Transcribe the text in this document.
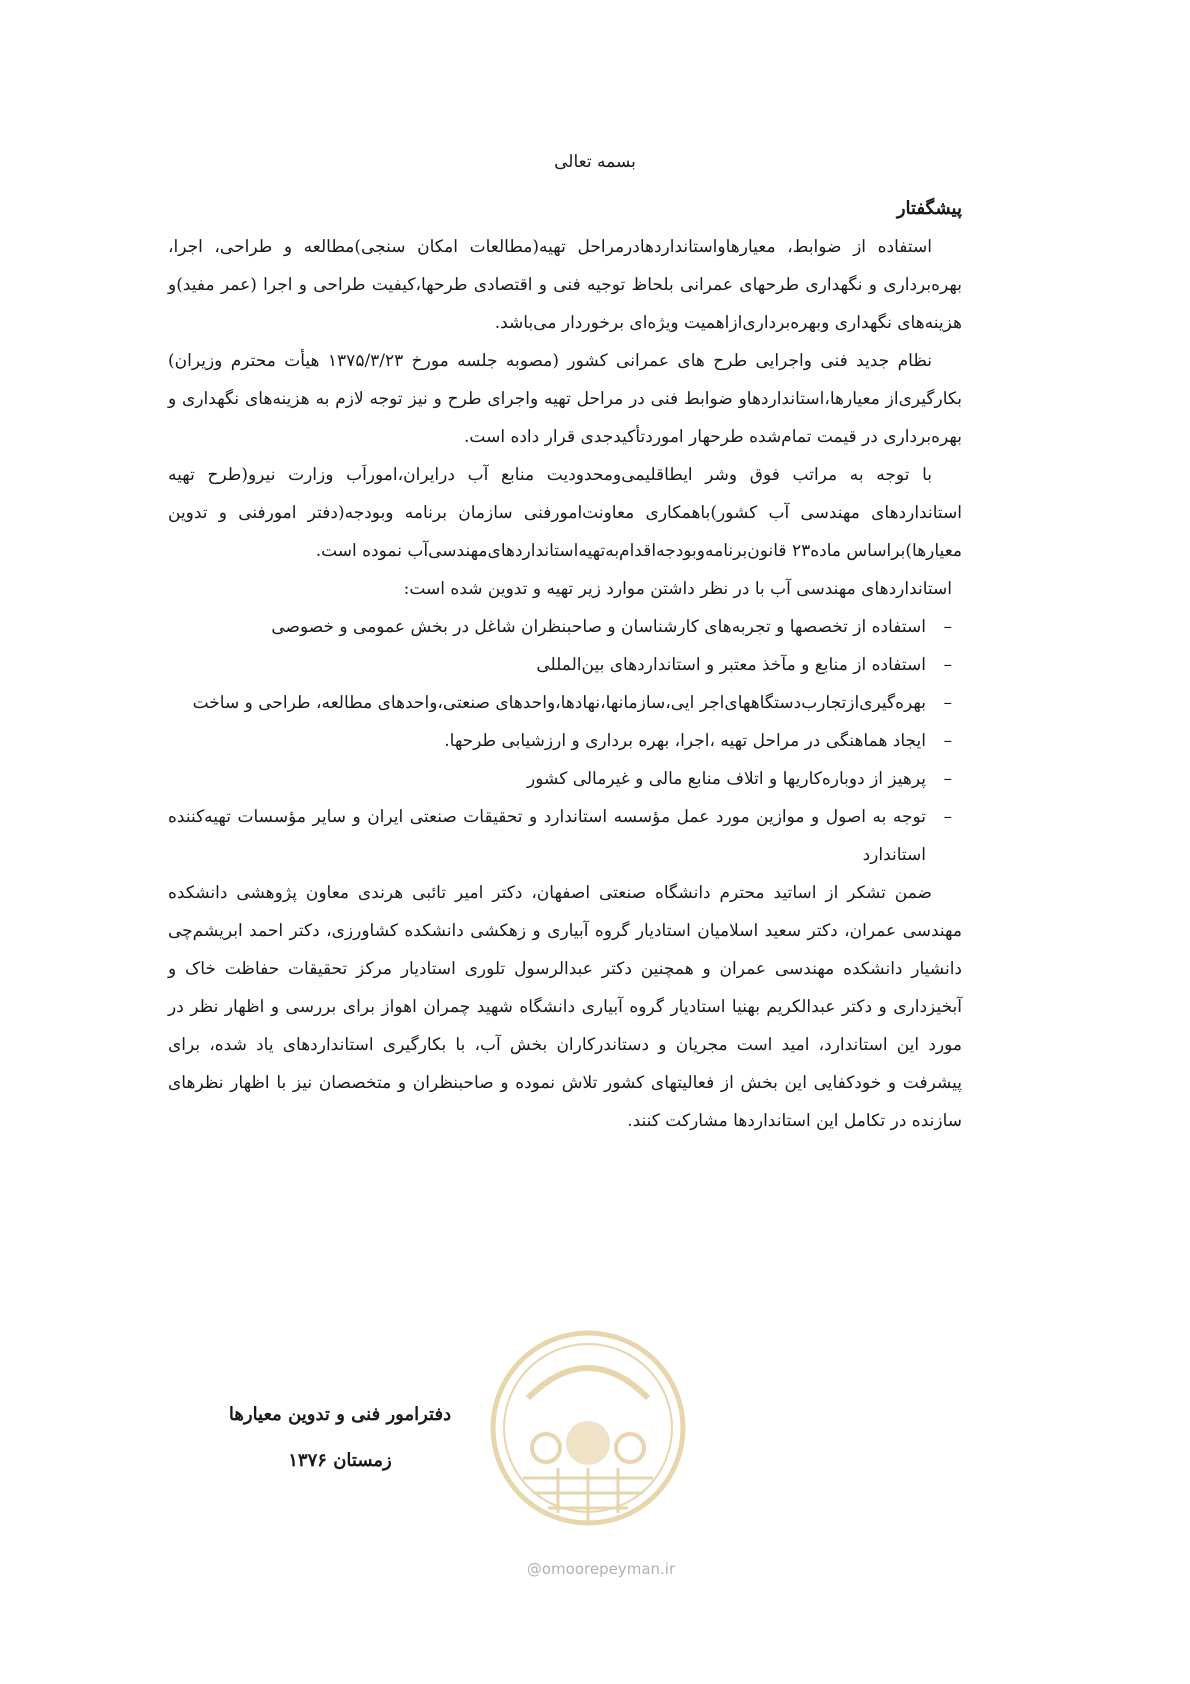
بسمه تعالی

پیشگفتار

استفاده از ضوابط، معیارهاواستانداردهادرمراحل تهیه(مطالعات امکان سنجی)مطالعه و طراحی، اجرا، بهره‌برداری و نگهداری طرحهای عمرانی بلحاظ توجیه فنی و اقتصادی طرحها،کیفیت طراحی و اجرا (عمر مفید)و هزینه‌های نگهداری وبهره‌برداری‌ازاهمیت ویژه‌ای برخوردار می‌باشد.

نظام جدید فنی واجرایی طرح های عمرانی کشور (مصوبه جلسه مورخ ۱۳۷۵/۳/۲۳ هیأت محترم وزیران) بکارگیری‌از معیارها،استانداردهاو ضوابط فنی در مراحل تهیه واجرای طرح و نیز توجه لازم به هزینه‌های نگهداری و بهره‌برداری در قیمت تمام‌شده طرحهار اموردتأکیدجدی قرار داده است.

با توجه به مراتب فوق وشر ایطاقلیمی‌ومحدودیت منابع آب درایران،اموراَب وزارت نیرو(طرح تهیه استانداردهای مهندسی آب کشور)باهمکاری معاونت‌امورفنی سازمان برنامه وبودجه(دفتر امورفنی و تدوین معیارها)براساس ماده۲۳ قانون‌برنامه‌وبودجه‌اقدام‌به‌تهیه‌استانداردهای‌مهندسی‌آب نموده است.

استانداردهای مهندسی آب با در نظر داشتن موارد زیر تهیه و تدوین شده است:

–
استفاده از تخصصها و تجربه‌های کارشناسان و صاحبنظران شاغل در بخش عمومی و خصوصی
–
استفاده از منابع و مآخذ معتبر و استانداردهای بین‌المللی
–
بهره‌گیری‌ازتجارب‌دستگاههای‌اجر ایی،سازمانها،نهادها،واحدهای صنعتی،واحدهای مطالعه، طراحی و ساخت
–
ایجاد هماهنگی در مراحل تهیه ،اجرا، بهره برداری و ارزشیابی طرحها.
–
پرهیز از دوباره‌کاریها و اتلاف منابع مالی و غیرمالی کشور
–
توجه به اصول و موازین مورد عمل مؤسسه استاندارد و تحقیقات صنعتی ایران و سایر مؤسسات تهیه‌کننده استاندارد

ضمن تشکر از اساتید محترم دانشگاه صنعتی اصفهان، دکتر امیر تائبی هرندی معاون پژوهشی دانشکده مهندسی عمران، دکتر سعید اسلامیان استادیار گروه آبیاری و زهکشی دانشکده کشاورزی، دکتر احمد ابریشم‌چی دانشیار دانشکده مهندسی عمران و همچنین دکتر عبدالرسول تلوری استادیار مرکز تحقیقات حفاظت خاک و آبخیزداری و دکتر عبدالکریم بهنیا استادیار گروه آبیاری دانشگاه شهید چمران اهواز برای بررسی و اظهار نظر در مورد این استاندارد، امید است مجریان و دستاندرکاران بخش آب، با بکارگیری استانداردهای یاد شده، برای پیشرفت و خودکفایی این بخش از فعالیتهای کشور تلاش نموده و صاحبنظران و متخصصان نیز با اظهار نظرهای سازنده در تکامل این استانداردها مشارکت کنند.

@omoorepeyman.ir
دفترامور فنی و تدوین معیارها
زمستان ۱۳۷۶
